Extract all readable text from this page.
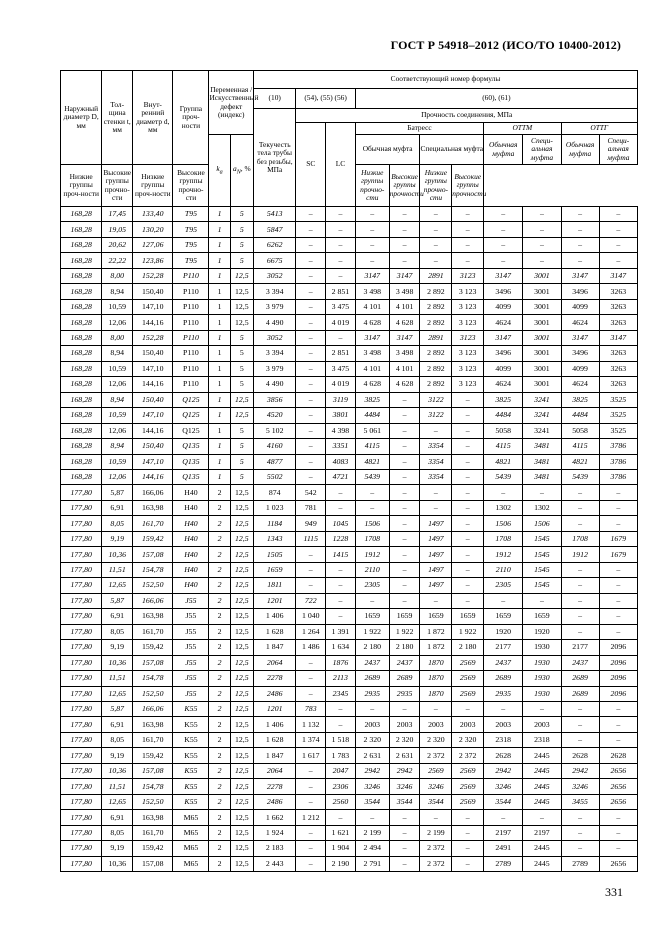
ГОСТ Р 54918–2012 (ИСО/ТО 10400-2012)
Наружный диаметр D, мм	Тол-щина стенки t, мм	Внут-ренний диаметр d, мм	Группа проч-ности	Переменная /Искусственный дефект (индекс)		Соответствующий номер формулы										
						(10)	(54), (55) (56)		(60), (61)							
						Текучесть тела трубы без резьбы, МПа	Прочность соединения, МПа									
							SC	LC	Батресс				ОТТМ		ОТТГ	
				$k_a$	$a_N$, %				Обычная муфта		Специальная муфта		Обычная муфта	Специ-альная муфта	Обычная муфта	Специ-альная муфта
Низкие группы проч-ности	Высокие группы прочно-сти	Низкие группы проч-ности	Высокие группы прочно-сти						Низкие группы прочно-сти	Высокие группы прочности	Низкие группы прочно-сти	Высокие группы прочности				
168,28	17,45	133,40	T95	1	5	5413	–	–	–	–	–	–	–	–	–	–
168,28	19,05	130,20	T95	1	5	5847	–	–	–	–	–	–	–	–	–	–
168,28	20,62	127,06	T95	1	5	6262	–	–	–	–	–	–	–	–	–	–
168,28	22,22	123,86	T95	1	5	6675	–	–	–	–	–	–	–	–	–	–
168,28	8,00	152,28	P110	1	12,5	3052	–	–	3147	3147	2891	3123	3147	3001	3147	3147
168,28	8,94	150,40	P110	1	12,5	3 394	–	2 851	3 498	3 498	2 892	3 123	3496	3001	3496	3263
168,28	10,59	147,10	P110	1	12,5	3 979	–	3 475	4 101	4 101	2 892	3 123	4099	3001	4099	3263
168,28	12,06	144,16	P110	1	12,5	4 490	–	4 019	4 628	4 628	2 892	3 123	4624	3001	4624	3263
168,28	8,00	152,28	P110	1	5	3052	–	–	3147	3147	2891	3123	3147	3001	3147	3147
168,28	8,94	150,40	P110	1	5	3 394	–	2 851	3 498	3 498	2 892	3 123	3496	3001	3496	3263
168,28	10,59	147,10	P110	1	5	3 979	–	3 475	4 101	4 101	2 892	3 123	4099	3001	4099	3263
168,28	12,06	144,16	P110	1	5	4 490	–	4 019	4 628	4 628	2 892	3 123	4624	3001	4624	3263
168,28	8,94	150,40	Q125	1	12,5	3856	–	3119	3825	–	3122	–	3825	3241	3825	3525
168,28	10,59	147,10	Q125	1	12,5	4520	–	3801	4484	–	3122	–	4484	3241	4484	3525
168,28	12,06	144,16	Q125	1	5	5 102	–	4 398	5 061	–	–	–	5058	3241	5058	3525
168,28	8,94	150,40	Q135	1	5	4160	–	3351	4115	–	3354	–	4115	3481	4115	3786
168,28	10,59	147,10	Q135	1	5	4877	–	4083	4821	–	3354	–	4821	3481	4821	3786
168,28	12,06	144,16	Q135	1	5	5502	–	4721	5439	–	3354	–	5439	3481	5439	3786
177,80	5,87	166,06	H40	2	12,5	874	542	–	–	–	–	–	–	–	–	–
177,80	6,91	163,98	H40	2	12,5	1 023	781	–	–	–	–	–	1302	1302	–	–
177,80	8,05	161,70	H40	2	12,5	1184	949	1045	1506	–	1497	–	1506	1506	–	–
177,80	9,19	159,42	H40	2	12,5	1343	1115	1228	1708	–	1497	–	1708	1545	1708	1679
177,80	10,36	157,08	H40	2	12,5	1505	–	1415	1912	–	1497	–	1912	1545	1912	1679
177,80	11,51	154,78	H40	2	12,5	1659	–	–	2110	–	1497	–	2110	1545	–	–
177,80	12,65	152,50	H40	2	12,5	1811	–	–	2305	–	1497	–	2305	1545	–	–
177,80	5,87	166,06	J55	2	12,5	1201	722	–	–	–	–	–	–	–	–	–
177,80	6,91	163,98	J55	2	12,5	1 406	1 040	–	1659	1659	1659	1659	1659	1659	–	–
177,80	8,05	161,70	J55	2	12,5	1 628	1 264	1 391	1 922	1 922	1 872	1 922	1920	1920	–	–
177,80	9,19	159,42	J55	2	12,5	1 847	1 486	1 634	2 180	2 180	1 872	2 180	2177	1930	2177	2096
177,80	10,36	157,08	J55	2	12,5	2064	–	1876	2437	2437	1870	2569	2437	1930	2437	2096
177,80	11,51	154,78	J55	2	12,5	2278	–	2113	2689	2689	1870	2569	2689	1930	2689	2096
177,80	12,65	152,50	J55	2	12,5	2486	–	2345	2935	2935	1870	2569	2935	1930	2689	2096
177,80	5,87	166,06	K55	2	12,5	1201	783	–	–	–	–	–	–	–	–	–
177,80	6,91	163,98	K55	2	12,5	1 406	1 132	–	2003	2003	2003	2003	2003	2003	–	–
177,80	8,05	161,70	K55	2	12,5	1 628	1 374	1 518	2 320	2 320	2 320	2 320	2318	2318	–	–
177,80	9,19	159,42	K55	2	12,5	1 847	1 617	1 783	2 631	2 631	2 372	2 372	2628	2445	2628	2628
177,80	10,36	157,08	K55	2	12,5	2064	–	2047	2942	2942	2569	2569	2942	2445	2942	2656
177,80	11,51	154,78	K55	2	12,5	2278	–	2306	3246	3246	3246	2569	3246	2445	3246	2656
177,80	12,65	152,50	K55	2	12,5	2486	–	2560	3544	3544	3544	2569	3544	2445	3455	2656
177,80	6,91	163,98	M65	2	12,5	1 662	1 212	–	–	–	–	–	–	–	–	–
177,80	8,05	161,70	M65	2	12,5	1 924	–	1 621	2 199	–	2 199	–	2197	2197	–	–
177,80	9,19	159,42	M65	2	12,5	2 183	–	1 904	2 494	–	2 372	–	2491	2445	–	–
177,80	10,36	157,08	M65	2	12,5	2 443	–	2 190	2 791	–	2 372	–	2789	2445	2789	2656
331
